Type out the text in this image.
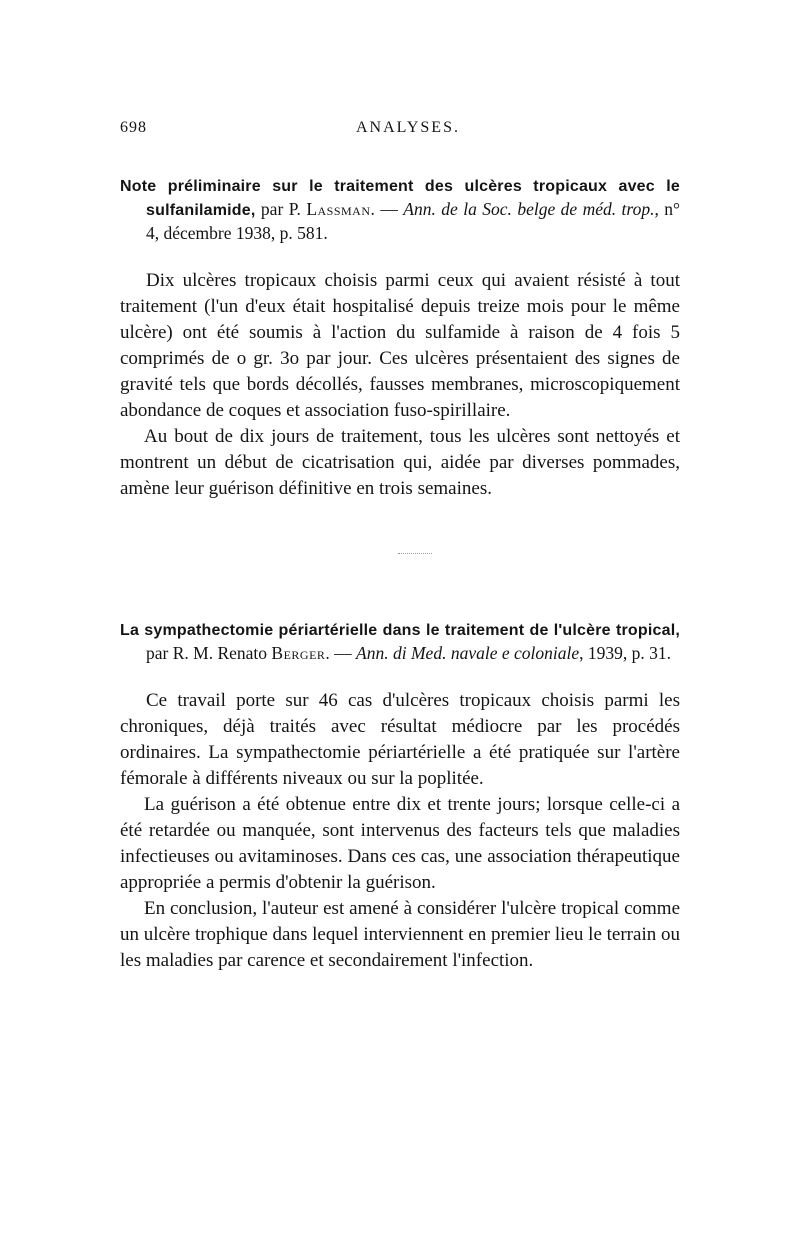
698	ANALYSES.

Note préliminaire sur le traitement des ulcères tropicaux avec le sulfanilamide, par P. Lassman. — Ann. de la Soc. belge de méd. trop., n° 4, décembre 1938, p. 581.

Dix ulcères tropicaux choisis parmi ceux qui avaient résisté à tout traitement (l'un d'eux était hospitalisé depuis treize mois pour le même ulcère) ont été soumis à l'action du sulfamide à raison de 4 fois 5 comprimés de o gr. 3o par jour. Ces ulcères présentaient des signes de gravité tels que bords décollés, fausses membranes, microscopiquement abondance de coques et association fuso-spirillaire.

Au bout de dix jours de traitement, tous les ulcères sont nettoyés et montrent un début de cicatrisation qui, aidée par diverses pommades, amène leur guérison définitive en trois semaines.

La sympathectomie périartérielle dans le traitement de l'ulcère tropical, par R. M. Renato Berger. — Ann. di Med. navale e coloniale, 1939, p. 31.

Ce travail porte sur 46 cas d'ulcères tropicaux choisis parmi les chroniques, déjà traités avec résultat médiocre par les procédés ordinaires. La sympathectomie périartérielle a été pratiquée sur l'artère fémorale à différents niveaux ou sur la poplitée.

La guérison a été obtenue entre dix et trente jours; lorsque celle-ci a été retardée ou manquée, sont intervenus des facteurs tels que maladies infectieuses ou avitaminoses. Dans ces cas, une association thérapeutique appropriée a permis d'obtenir la guérison.

En conclusion, l'auteur est amené à considérer l'ulcère tropical comme un ulcère trophique dans lequel interviennent en premier lieu le terrain ou les maladies par carence et secondairement l'infection.
